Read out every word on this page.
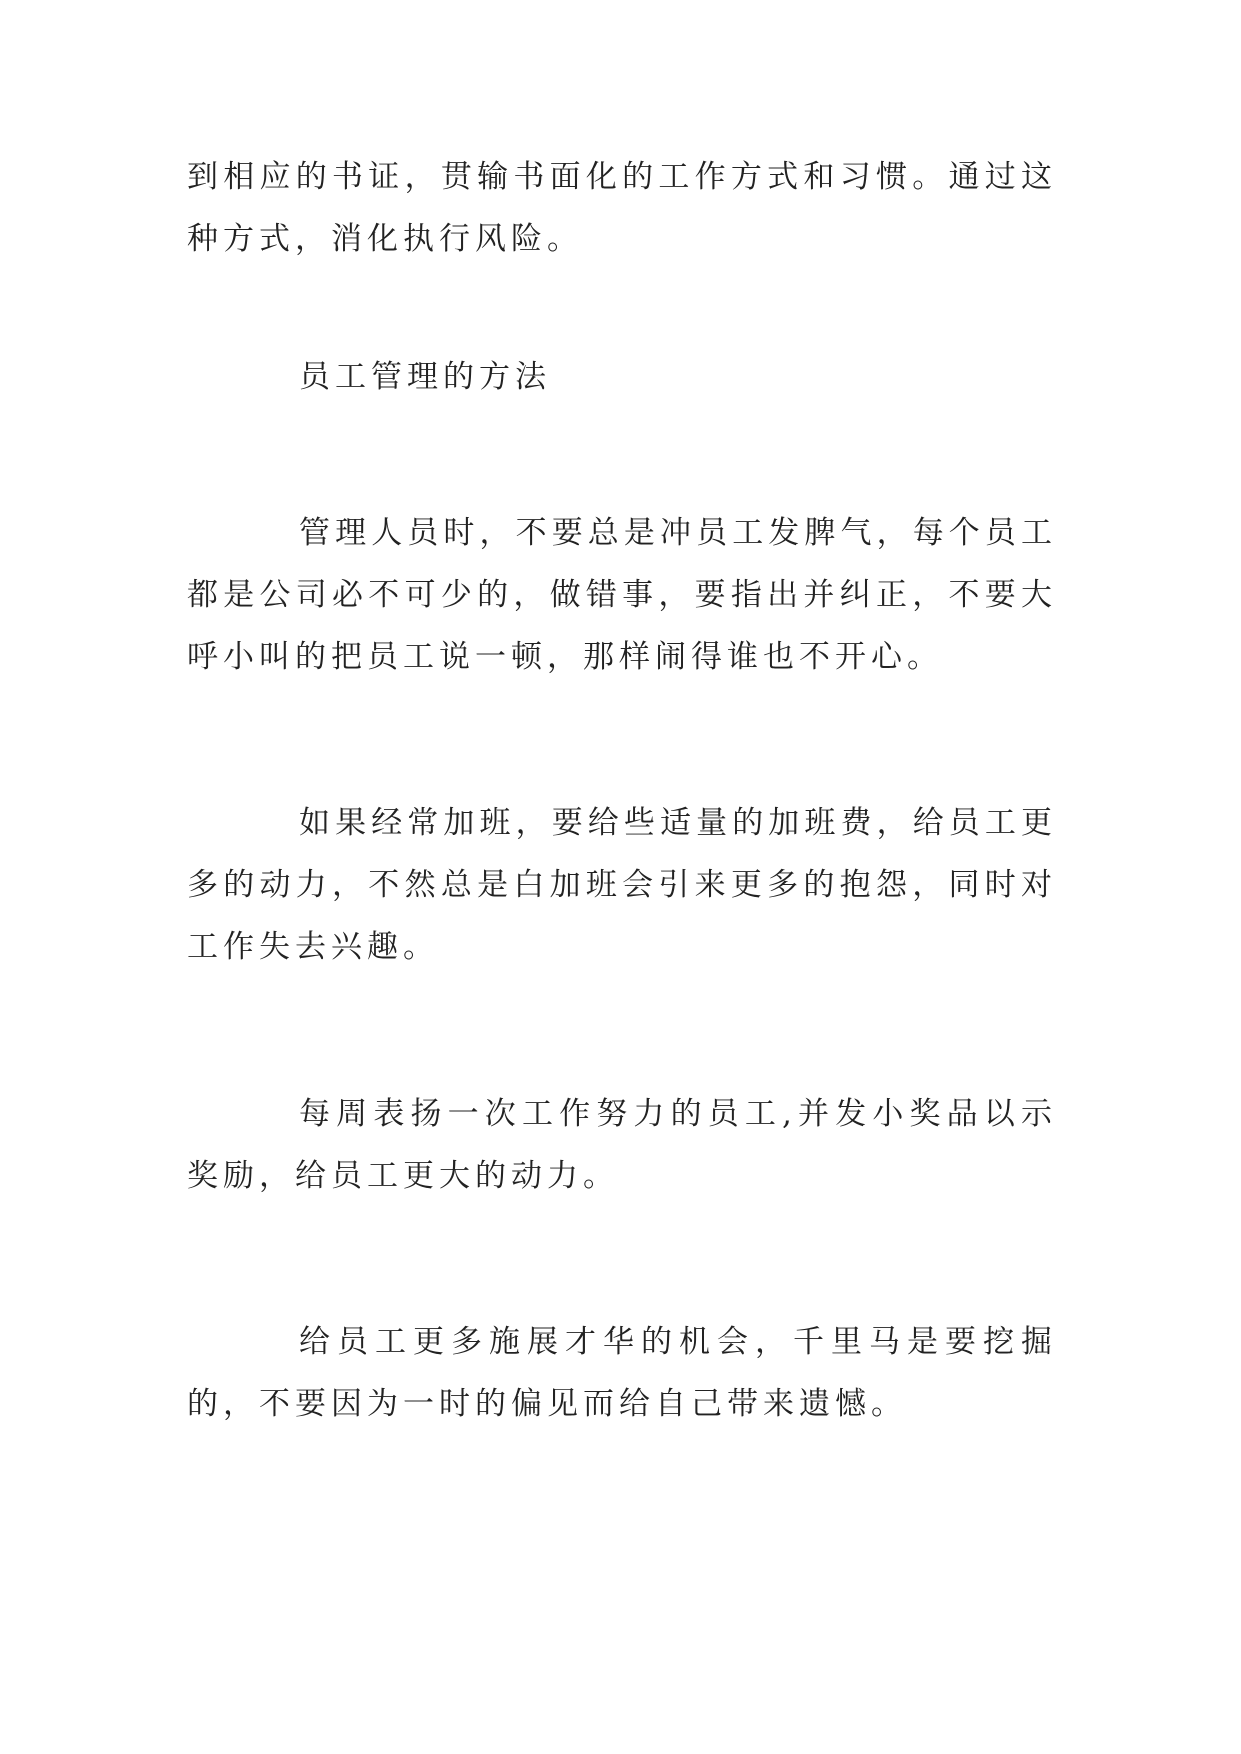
到相应的书证，贯输书面化的工作方式和习惯。通过这种方式，消化执行风险。

员工管理的方法

管理人员时，不要总是冲员工发脾气，每个员工都是公司必不可少的，做错事，要指出并纠正，不要大呼小叫的把员工说一顿，那样闹得谁也不开心。

如果经常加班，要给些适量的加班费，给员工更多的动力，不然总是白加班会引来更多的抱怨，同时对工作失去兴趣。

每周表扬一次工作努力的员工,并发小奖品以示奖励，给员工更大的动力。

给员工更多施展才华的机会，千里马是要挖掘的，不要因为一时的偏见而给自己带来遗憾。
